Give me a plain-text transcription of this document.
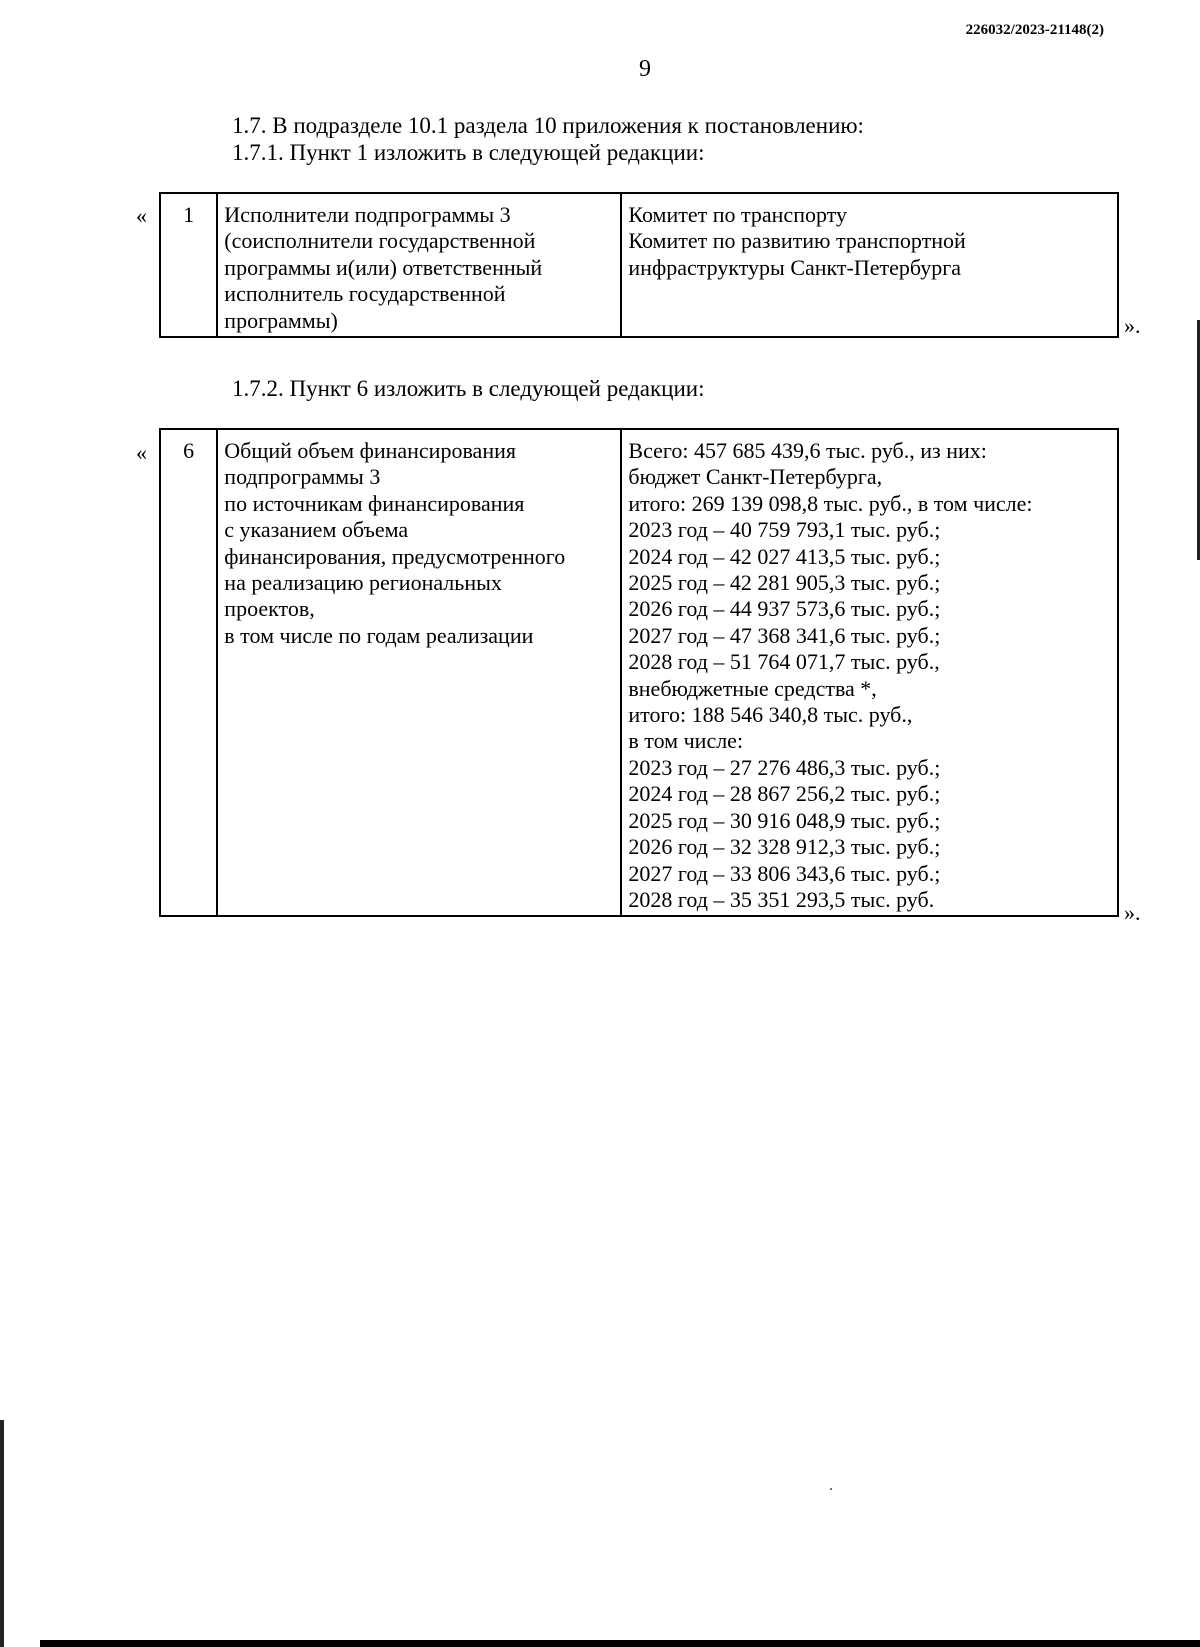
226032/2023-21148(2)
9
1.7. В подразделе 10.1 раздела 10 приложения к постановлению:
1.7.1. Пункт 1 изложить в следующей редакции:
« 1	Исполнители подпрограммы 3
(соисполнители государственной
программы и(или) ответственный
исполнитель государственной
программы)

Комитет по транспорту
Комитет по развитию транспортной
инфраструктуры Санкт-Петербурга
».
1.7.2. Пункт 6 изложить в следующей редакции:
« 6	Общий объем финансирования
подпрограммы 3
по источникам финансирования
с указанием объема
финансирования, предусмотренного
на реализацию региональных
проектов,
в том числе по годам реализации

Всего: 457 685 439,6 тыс. руб., из них:
бюджет Санкт-Петербурга,
итого: 269 139 098,8 тыс. руб., в том числе:
2023 год – 40 759 793,1 тыс. руб.;
2024 год – 42 027 413,5 тыс. руб.;
2025 год – 42 281 905,3 тыс. руб.;
2026 год – 44 937 573,6 тыс. руб.;
2027 год – 47 368 341,6 тыс. руб.;
2028 год – 51 764 071,7 тыс. руб.,
внебюджетные средства *,
итого: 188 546 340,8 тыс. руб.,
в том числе:
2023 год – 27 276 486,3 тыс. руб.;
2024 год – 28 867 256,2 тыс. руб.;
2025 год – 30 916 048,9 тыс. руб.;
2026 год – 32 328 912,3 тыс. руб.;
2027 год – 33 806 343,6 тыс. руб.;
2028 год – 35 351 293,5 тыс. руб.
».
